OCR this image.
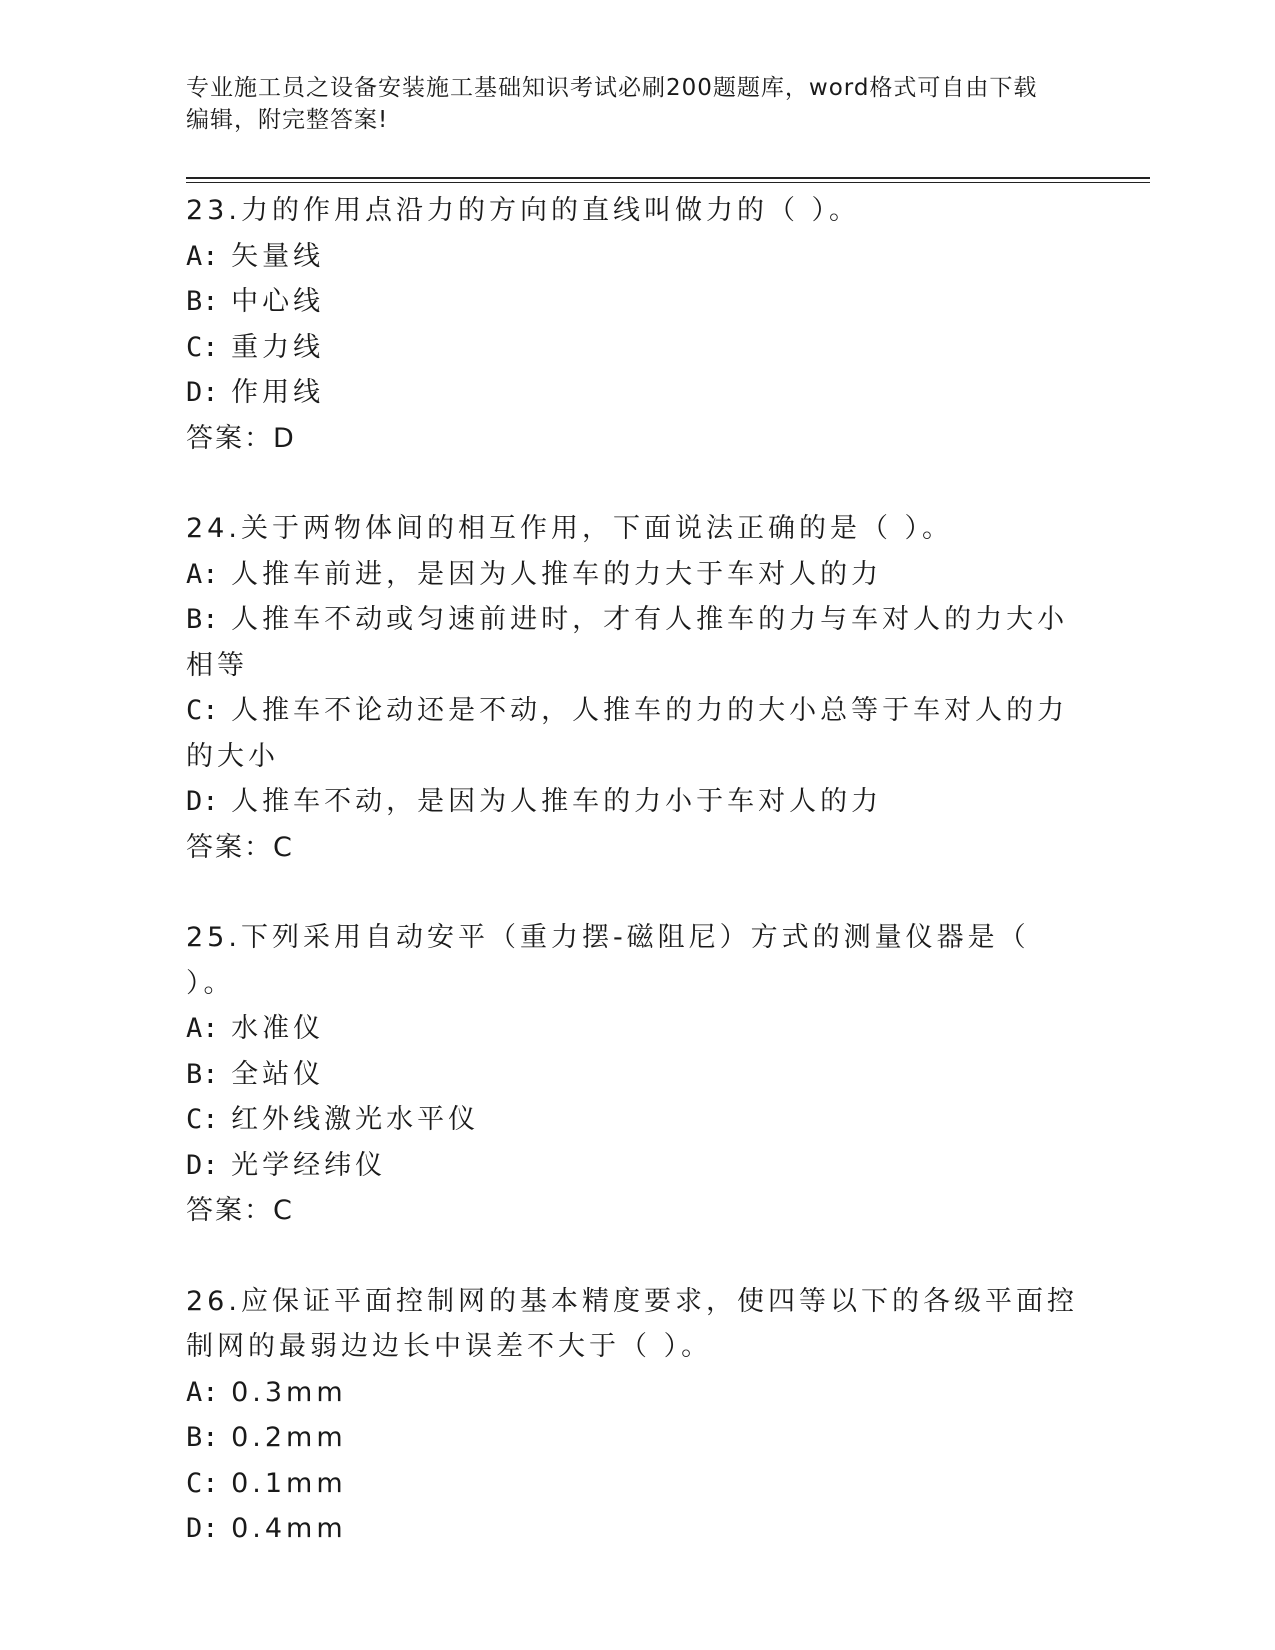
专业施工员之设备安装施工基础知识考试必刷200题题库，word格式可自由下载
编辑，附完整答案!

23.力的作用点沿力的方向的直线叫做力的（ ）。

A: 矢量线

B: 中心线

C: 重力线

D: 作用线

答案：D

24.关于两物体间的相互作用，下面说法正确的是（ ）。

A: 人推车前进，是因为人推车的力大于车对人的力

B: 人推车不动或匀速前进时，才有人推车的力与车对人的力大小相等

C: 人推车不论动还是不动，人推车的力的大小总等于车对人的力的大小

D: 人推车不动，是因为人推车的力小于车对人的力

答案：C

25.下列采用自动安平（重力摆-磁阻尼）方式的测量仪器是（ ）。

A: 水准仪

B: 全站仪

C: 红外线激光水平仪

D: 光学经纬仪

答案：C

26.应保证平面控制网的基本精度要求，使四等以下的各级平面控制网的最弱边边长中误差不大于（ ）。

A: 0.3mm

B: 0.2mm

C: 0.1mm

D: 0.4mm
